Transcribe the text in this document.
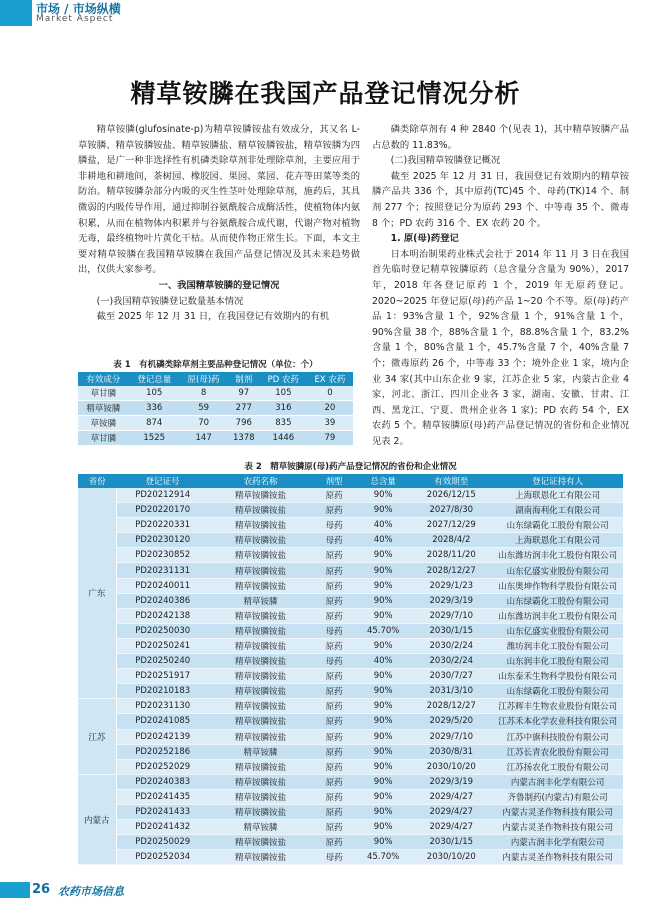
市场 / 市场纵横
Market Aspect
精草铵膦在我国产品登记情况分析

精草铵膦(glufosinate-p)为精草铵膦铵盐有效成分，其又名 L-草铵膦、精草铵膦铵盐、精草铵膦盐、精草铵膦铵盐，精草铵膦为四膦盐，是广一种非选择性有机磷类除草剂非处理除草剂，主要应用于非耕地和耕地间，茶树园、橡胶园、果园、菜园、花卉等田菜等类的防治。精草铵膦杂部分内吸的灭生性茎叶处理除草剂，施药后，其具微弱的内吸传导作用，通过抑制谷氨酰胺合成酶活性，使植物体内氨积累，从而在植物体内积累并与谷氨酰胺合成代谢，代谢产物对植物无毒，最终植物叶片黄化干枯。从而使作物正常生长。下面，本文主要对精草铵膦在我国精草铵膦在我国产品登记情况及其未来趋势做出，仅供大家参考。

一、我国精草铵膦的登记情况

(一)我国精草铵膦登记数量基本情况

截至 2025 年 12 月 31 日，在我国登记有效期内的有机

磷类除草剂有 4 种 2840 个(见表 1)，其中精草铵膦产品占总数的 11.83%。

(二)我国精草铵膦登记概况

截至 2025 年 12 月 31 日，我国登记有效期内的精草铵膦产品共 336 个，其中原药(TC)45 个、母药(TK)14 个、制剂 277 个；按照登记分为原药 293 个、中等毒 35 个、微毒 8 个；PD 农药 316 个、EX 农药 20 个。

1. 原(母)药登记

日本明治制果药业株式会社于 2014 年 11 月 3 日在我国首先临时登记精草铵膦原药（总含量分含量为 90%），2017 年，2018 年各登记原药 1 个，2019 年无原药登记。2020~2025 年登记原(母)药产品 1~20 个不等。原(母)药产品 1：93%含量 1 个，92%含量 1 个，91%含量 1 个，90%含量 38 个，88%含量 1 个，88.8%含量 1 个，83.2%含量 1 个，80%含量 1 个，45.7%含量 7 个，40%含量 7 个；微毒原药 26 个，中等毒 33 个；境外企业 1 家，境内企业 34 家(其中山东企业 9 家，江苏企业 5 家，内蒙古企业 4 家，河北、浙江、四川企业各 3 家，湖南、安徽、甘肃、江西、黑龙江、宁夏、贵州企业各 1 家)；PD 农药 54 个，EX 农药 5 个。精草铵膦原(母)药产品登记情况的省份和企业情况见表 2。

表 1　有机磷类除草剂主要品种登记情况（单位：个）
有效成分	登记总量	原(母)药	制剂	PD 农药	EX 农药
草甘膦	105	8	97	105	0
精草铵膦	336	59	277	316	20
草铵膦	874	70	796	835	39
草甘膦	1525	147	1378	1446	79
表 2　精草铵膦原(母)药产品登记情况的省份和企业情况
省份	登记证号	农药名称	剂型	总含量	有效期至	登记证持有人
广东	PD20212914	精草铵膦铵盐	原药	90%	2026/12/15	上海联恩化工有限公司
	PD20220170	精草铵膦铵盐	原药	90%	2027/8/30	湖南海利化工有限公司
	PD20220331	精草铵膦铵盐	母药	40%	2027/12/29	山东绿霸化工股份有限公司
	PD20230120	精草铵膦铵盐	母药	40%	2028/4/2	上海联恩化工有限公司
	PD20230852	精草铵膦铵盐	原药	90%	2028/11/20	山东潍坊润丰化工股份有限公司
	PD20231131	精草铵膦铵盐	原药	90%	2028/12/27	山东亿盛实业股份有限公司
	PD20240011	精草铵膦铵盐	原药	90%	2029/1/23	山东奥坤作物科学股份有限公司
	PD20240386	精草铵膦	原药	90%	2029/3/19	山东绿霸化工股份有限公司
	PD20242138	精草铵膦铵盐	原药	90%	2029/7/10	山东潍坊润丰化工股份有限公司
	PD20250030	精草铵膦铵盐	母药	45.70%	2030/1/15	山东亿盛实业股份有限公司
	PD20250241	精草铵膦铵盐	原药	90%	2030/2/24	潍坊润丰化工股份有限公司
	PD20250240	精草铵膦铵盐	母药	40%	2030/2/24	山东润丰化工股份有限公司
	PD20251917	精草铵膦铵盐	原药	90%	2030/7/27	山东泰禾生物科学股份有限公司
	PD20210183	精草铵膦铵盐	原药	90%	2031/3/10	山东绿霸化工股份有限公司
江苏	PD20231130	精草铵膦铵盐	原药	90%	2028/12/27	江苏辉丰生物农业股份有限公司
	PD20241085	精草铵膦铵盐	原药	90%	2029/5/20	江苏禾本化学农业科技有限公司
	PD20242139	精草铵膦铵盐	原药	90%	2029/7/10	江苏中旗科技股份有限公司
	PD20252186	精草铵膦	原药	90%	2030/8/31	江苏长青农化股份有限公司
	PD20252029	精草铵膦铵盐	原药	90%	2030/10/20	江苏扬农化工股份有限公司
内蒙古	PD20240383	精草铵膦铵盐	原药	90%	2029/3/19	内蒙古润丰化学有限公司
	PD20241435	精草铵膦铵盐	原药	90%	2029/4/27	齐鲁制药(内蒙古)有限公司
	PD20241433	精草铵膦铵盐	原药	90%	2029/4/27	内蒙古灵圣作物科技有限公司
	PD20241432	精草铵膦	原药	90%	2029/4/27	内蒙古灵圣作物科技有限公司
	PD20250029	精草铵膦铵盐	原药	90%	2030/1/15	内蒙古润丰化学有限公司
	PD20252034	精草铵膦铵盐	母药	45.70%	2030/10/20	内蒙古灵圣作物科技有限公司
26 农药市场信息
